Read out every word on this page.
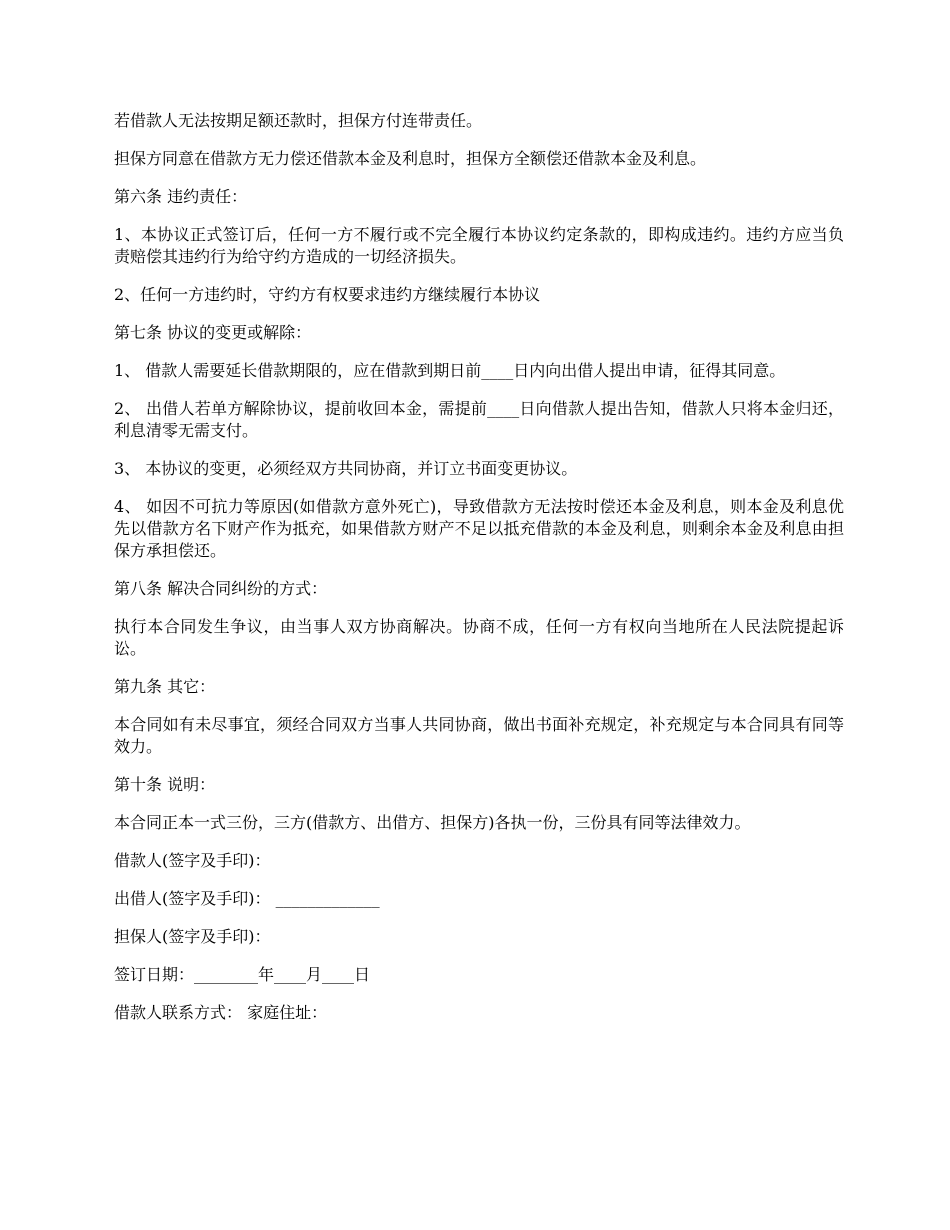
若借款人无法按期足额还款时，担保方付连带责任。

担保方同意在借款方无力偿还借款本金及利息时，担保方全额偿还借款本金及利息。

第六条 违约责任：

1、本协议正式签订后，任何一方不履行或不完全履行本协议约定条款的，即构成违约。违约方应当负责赔偿其违约行为给守约方造成的一切经济损失。

2、任何一方违约时，守约方有权要求违约方继续履行本协议

第七条 协议的变更或解除：

1、 借款人需要延长借款期限的，应在借款到期日前____日内向出借人提出申请，征得其同意。

2、 出借人若单方解除协议，提前收回本金，需提前____日向借款人提出告知，借款人只将本金归还，利息清零无需支付。

3、 本协议的变更，必须经双方共同协商，并订立书面变更协议。

4、 如因不可抗力等原因(如借款方意外死亡)，导致借款方无法按时偿还本金及利息，则本金及利息优先以借款方名下财产作为抵充，如果借款方财产不足以抵充借款的本金及利息，则剩余本金及利息由担保方承担偿还。

第八条 解决合同纠纷的方式：

执行本合同发生争议，由当事人双方协商解决。协商不成，任何一方有权向当地所在人民法院提起诉讼。

第九条 其它：

本合同如有未尽事宜，须经合同双方当事人共同协商，做出书面补充规定，补充规定与本合同具有同等效力。

第十条 说明：

本合同正本一式三份，三方(借款方、出借方、担保方)各执一份，三份具有同等法律效力。

借款人(签字及手印)：

出借人(签字及手印)： _____________

担保人(签字及手印)：

签订日期：________年____月____日

借款人联系方式： 家庭住址：
